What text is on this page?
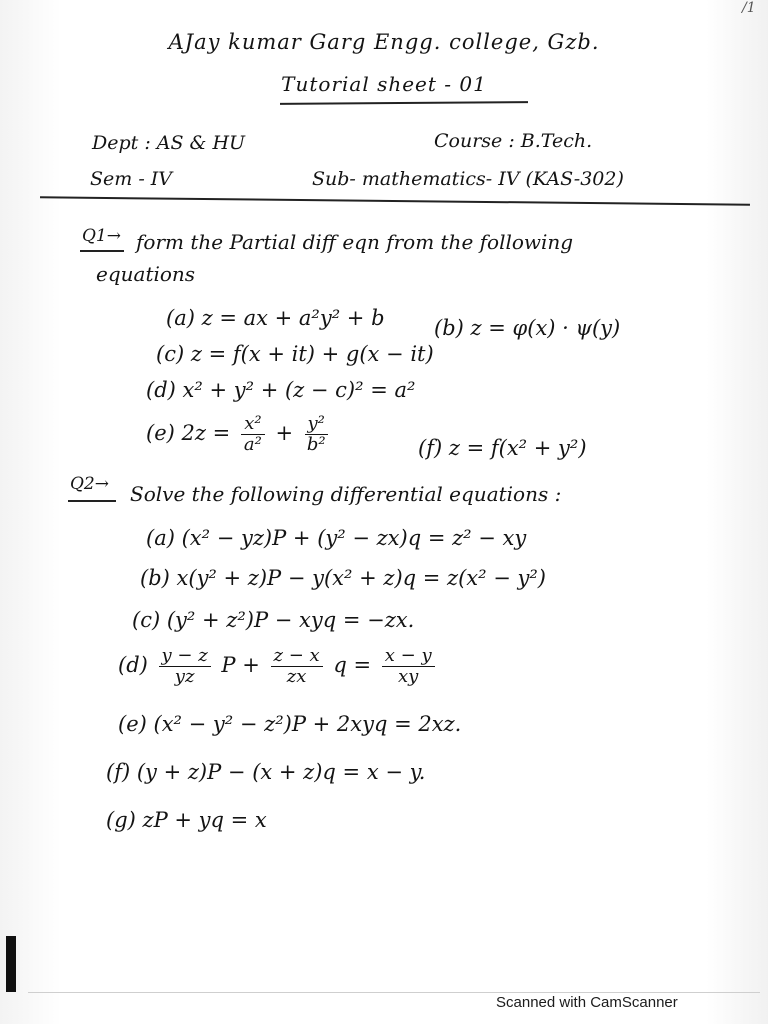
/1
AJay kumar Garg Engg. college, Gzb.
Tutorial sheet - 01
Dept : AS & HU	Course : B.Tech.
Sem - IV	Sub- mathematics- IV (KAS-302)
Q1→ form the Partial diff eqn from the following
equations
(a) z = ax + a²y² + b (b) z = φ(x) · ψ(y)
(c) z = f(x + it) + g(x − it)
(d) x² + y² + (z − c)² = a²
(e) $2z = \frac{\text{x²}}{\text{a²}} + \frac{\text{y²}}{\text{b²}}$	(f) z = f(x² + y²)
Q2→ Solve the following differential equations :
(a) (x² − yz)P + (y² − zx)q = z² − xy
(b) x(y² + z)P − y(x² + z)q = z(x² − y²)
(c) (y² + z²)P − xyq = −zx.
$(d) \frac{y - z}{yz}$ $P + \frac{z - x}{zx}$ $q = \frac{x - y}{xy}$
(e) (x² − y² − z²)P + 2xyq = 2xz.
(f) (y + z)P − (x + z)q = x − y.
(g) zP + yq = x
Scanned with CamScanner
